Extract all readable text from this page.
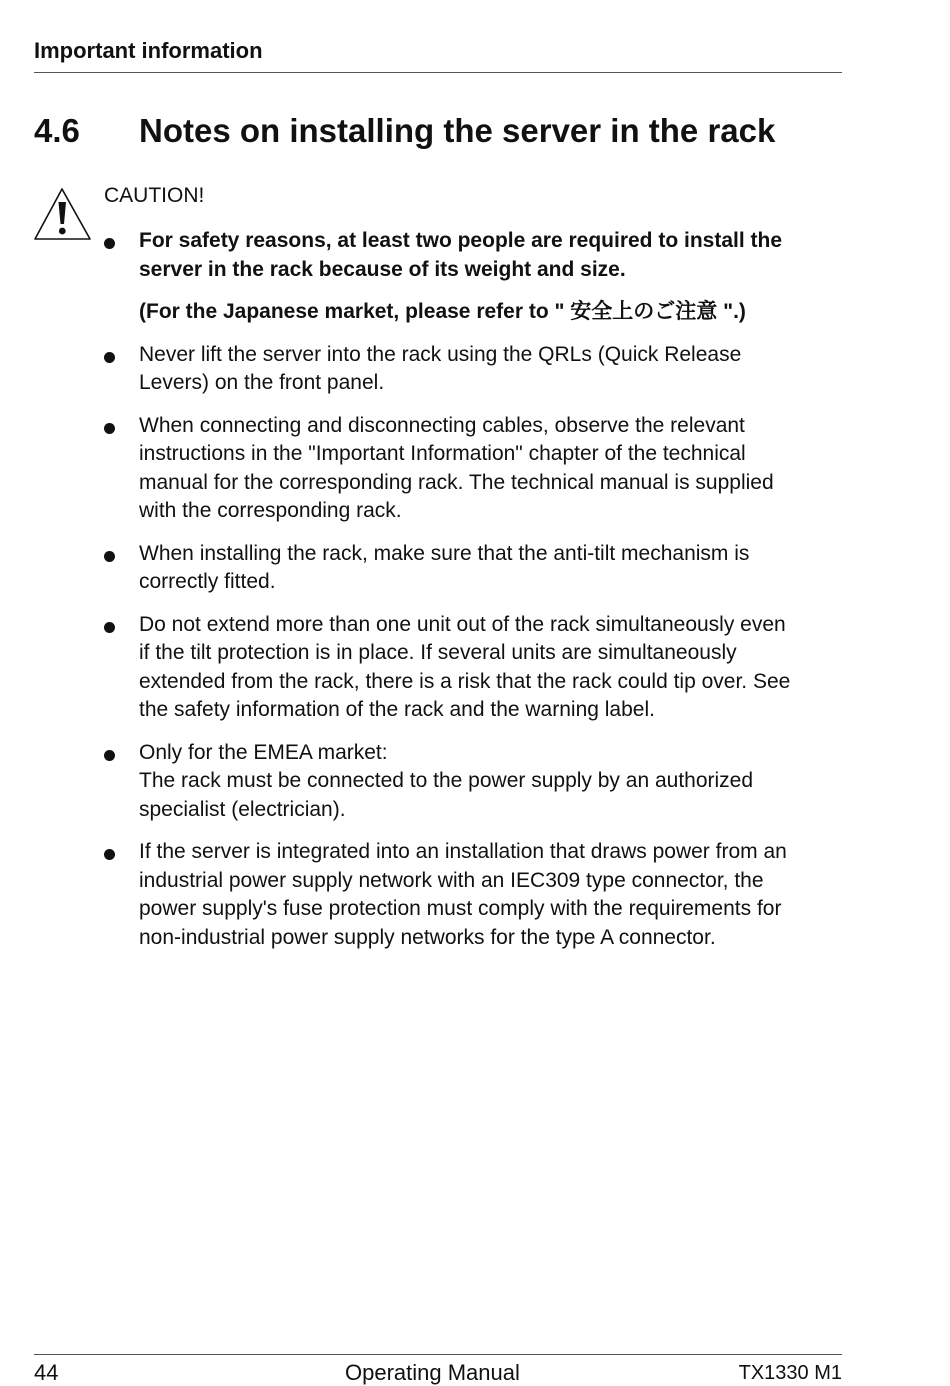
Important information
4.6 Notes on installing the server in the rack
CAUTION!
For safety reasons, at least two people are required to install the
server in the rack because of its weight and size.
(For the Japanese market, please refer to " 安全上のご注意 ".)
Never lift the server into the rack using the QRLs (Quick Release
Levers) on the front panel.
When connecting and disconnecting cables, observe the relevant
instructions in the "Important Information" chapter of the technical
manual for the corresponding rack. The technical manual is supplied
with the corresponding rack.
When installing the rack, make sure that the anti-tilt mechanism is
correctly fitted.
Do not extend more than one unit out of the rack simultaneously even
if the tilt protection is in place. If several units are simultaneously
extended from the rack, there is a risk that the rack could tip over. See
the safety information of the rack and the warning label.
Only for the EMEA market:
The rack must be connected to the power supply by an authorized
specialist (electrician).
If the server is integrated into an installation that draws power from an
industrial power supply network with an IEC309 type connector, the
power supply's fuse protection must comply with the requirements for
non-industrial power supply networks for the type A connector.
44	Operating Manual	TX1330 M1
